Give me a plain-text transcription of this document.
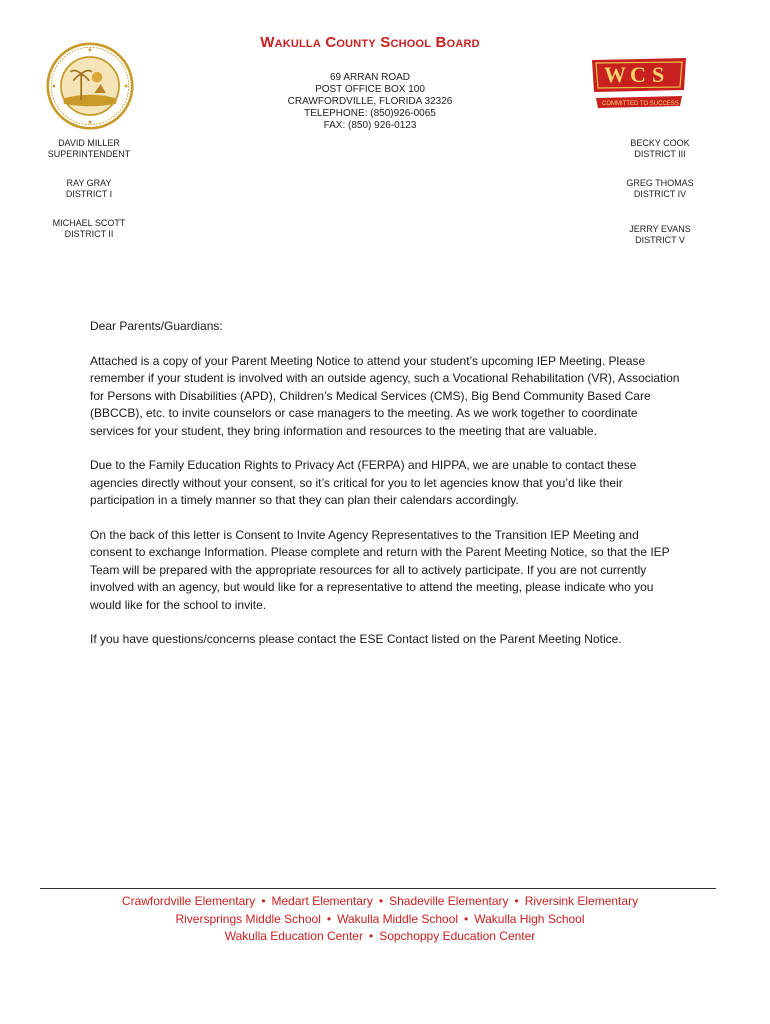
Wakulla County School Board
69 ARRAN ROAD
POST OFFICE BOX 100
CRAWFORDVILLE, FLORIDA 32326
TELEPHONE: (850)926-0065
FAX: (850) 926-0123
W C S
COMMITTED TO SUCCESS
DAVID MILLER
SUPERINTENDENT
RAY GRAY
DISTRICT I
MICHAEL SCOTT
DISTRICT II
BECKY COOK
DISTRICT III
GREG THOMAS
DISTRICT IV
JERRY EVANS
DISTRICT V

Dear Parents/Guardians:

Attached is a copy of your Parent Meeting Notice to attend your student’s upcoming IEP Meeting. Please remember if your student is involved with an outside agency, such a Vocational Rehabilitation (VR), Association for Persons with Disabilities (APD), Children’s Medical Services (CMS), Big Bend Community Based Care (BBCCB), etc. to invite counselors or case managers to the meeting. As we work together to coordinate services for your student, they bring information and resources to the meeting that are valuable.

Due to the Family Education Rights to Privacy Act (FERPA) and HIPPA, we are unable to contact these agencies directly without your consent, so it’s critical for you to let agencies know that you’d like their participation in a timely manner so that they can plan their calendars accordingly.

On the back of this letter is Consent to Invite Agency Representatives to the Transition IEP Meeting and consent to exchange Information. Please complete and return with the Parent Meeting Notice, so that the IEP Team will be prepared with the appropriate resources for all to actively participate. If you are not currently involved with an agency, but would like for a representative to attend the meeting, please indicate who you would like for the school to invite.

If you have questions/concerns please contact the ESE Contact listed on the Parent Meeting Notice.

Crawfordville Elementary • Medart Elementary • Shadeville Elementary • Riversink Elementary
Riversprings Middle School • Wakulla Middle School • Wakulla High School
Wakulla Education Center • Sopchoppy Education Center
